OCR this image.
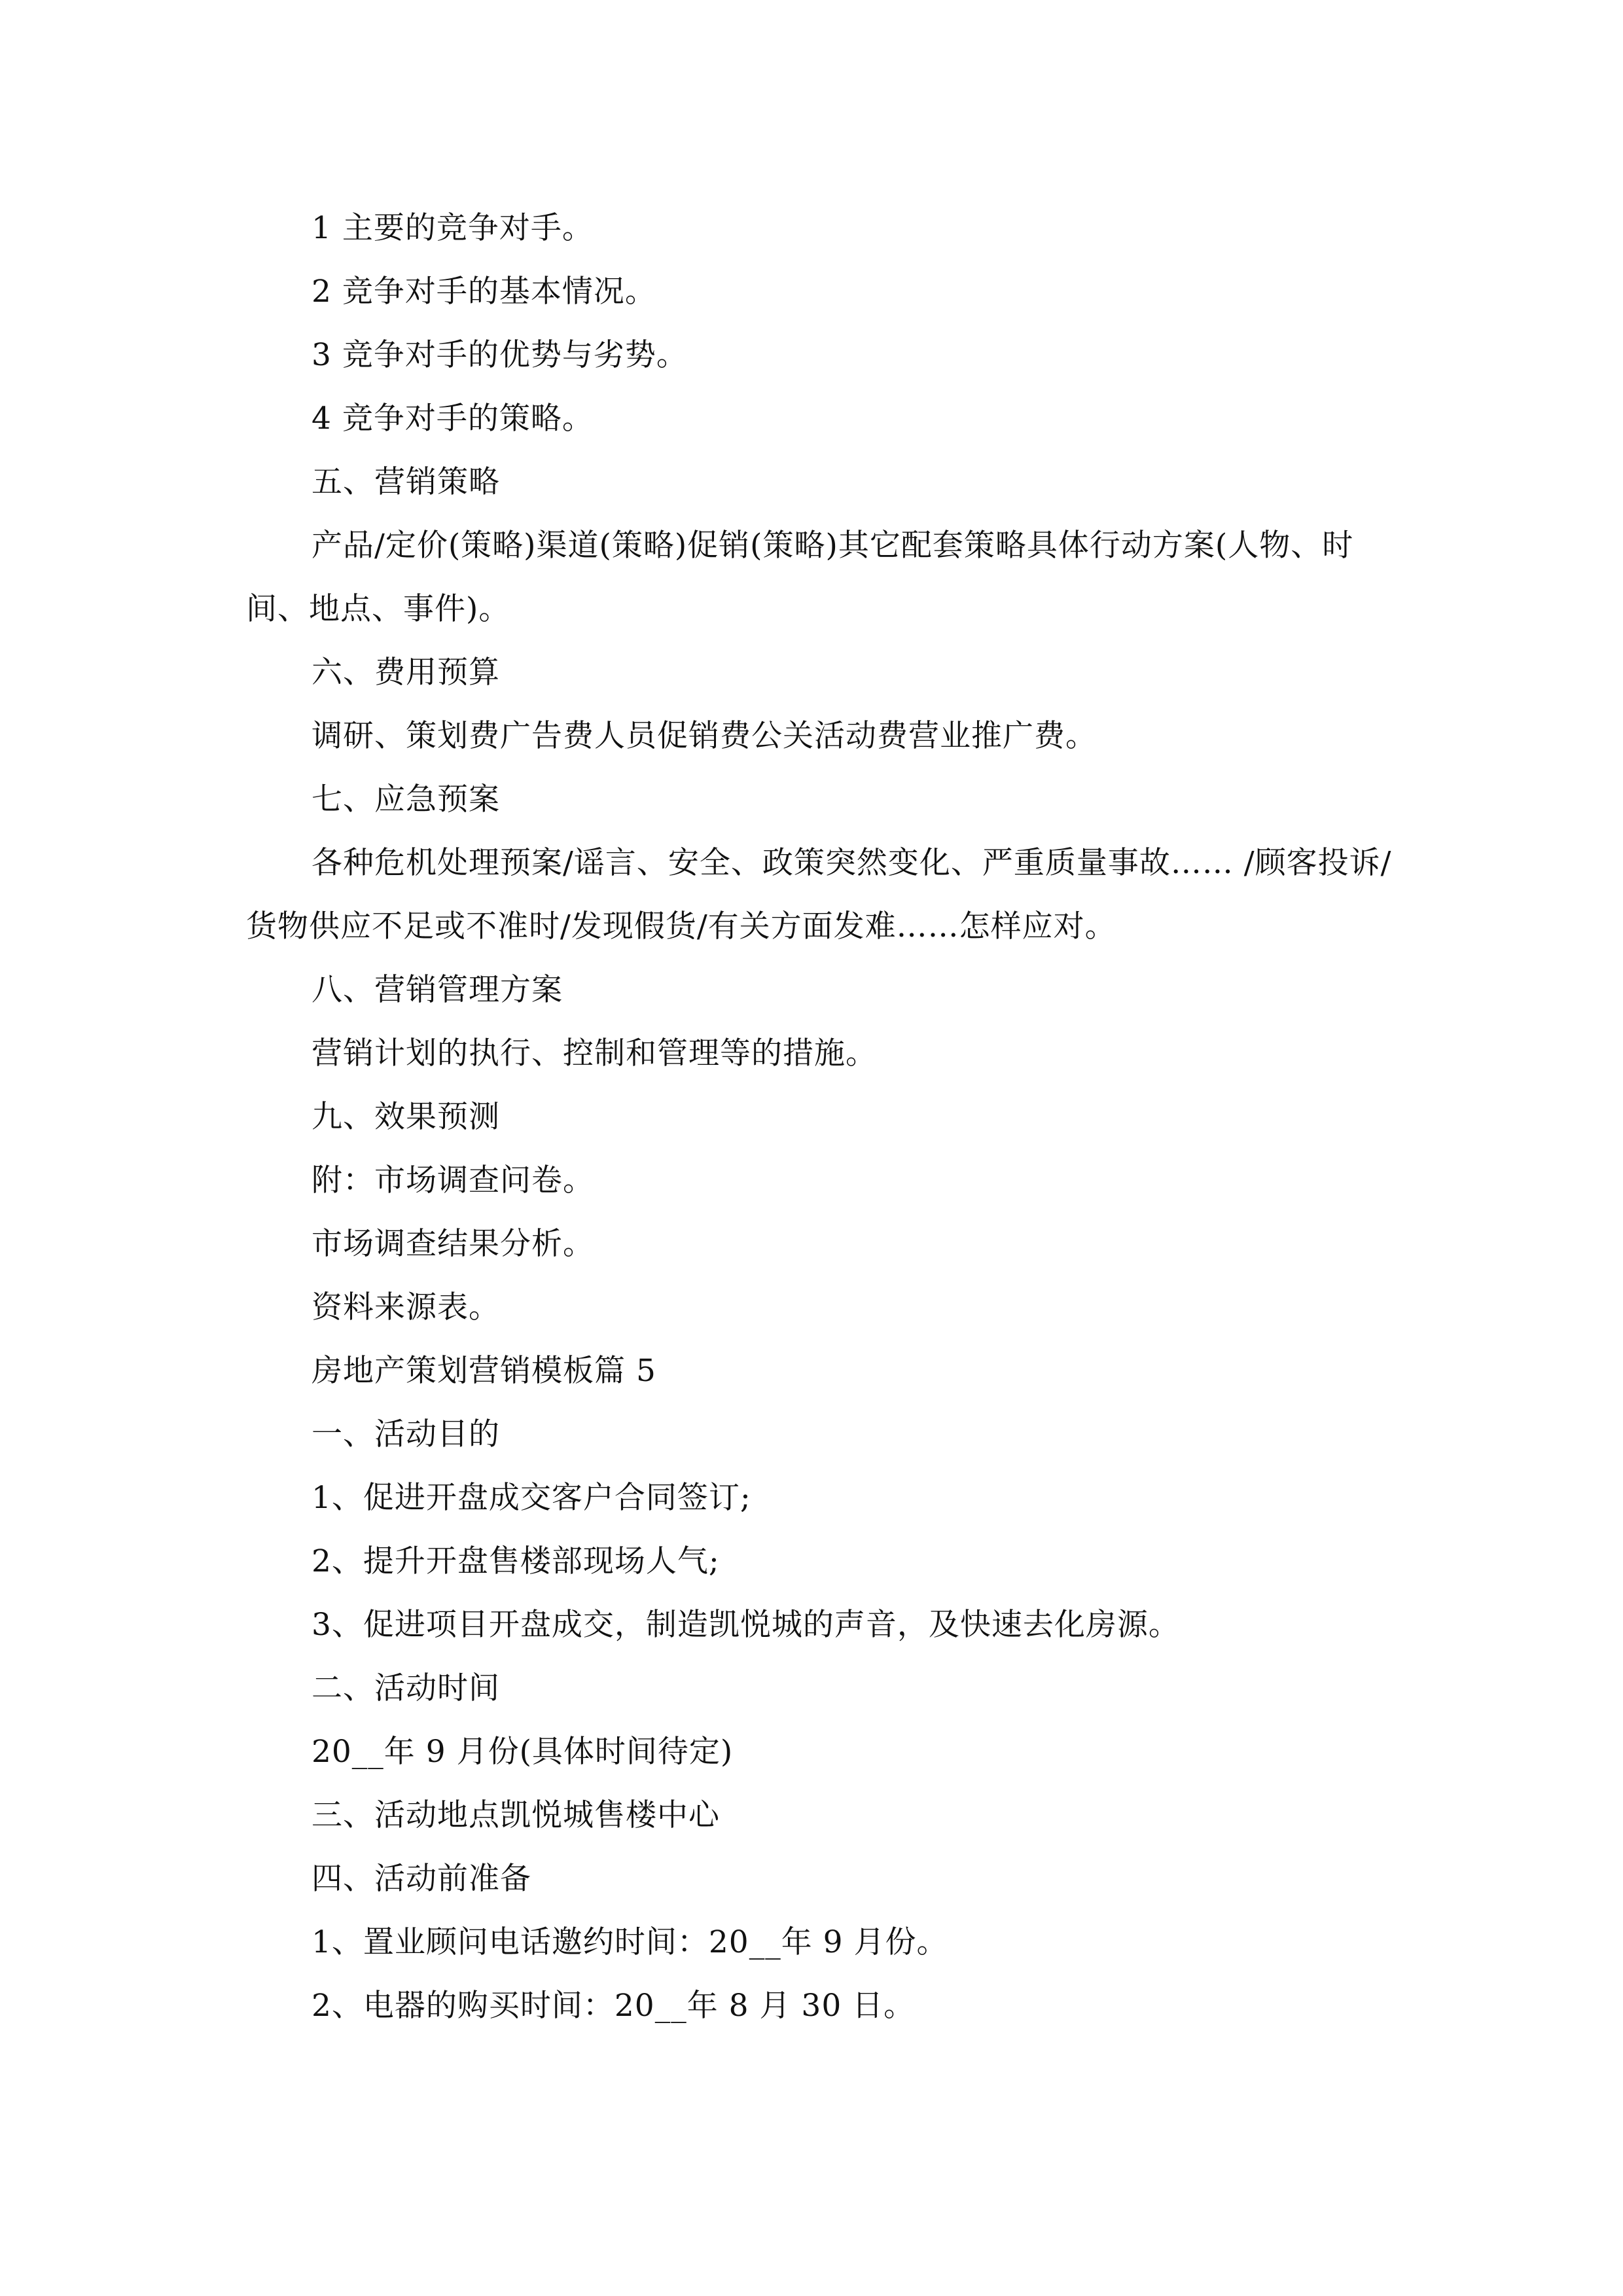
1 主要的竞争对手。

2 竞争对手的基本情况。

3 竞争对手的优势与劣势。

4 竞争对手的策略。

五、营销策略

产品/定价(策略)渠道(策略)促销(策略)其它配套策略具体行动方案(人物、时间、地点、事件)。

六、费用预算

调研、策划费广告费人员促销费公关活动费营业推广费。

七、应急预案

各种危机处理预案/谣言、安全、政策突然变化、严重质量事故…… /顾客投诉/货物供应不足或不准时/发现假货/有关方面发难……怎样应对。

八、营销管理方案

营销计划的执行、控制和管理等的措施。

九、效果预测

附：市场调查问卷。

市场调查结果分析。

资料来源表。

房地产策划营销模板篇 5

一、活动目的

1、促进开盘成交客户合同签订;

2、提升开盘售楼部现场人气;

3、促进项目开盘成交，制造凯悦城的声音，及快速去化房源。

二、活动时间

20__年 9 月份(具体时间待定)

三、活动地点凯悦城售楼中心

四、活动前准备

1、置业顾问电话邀约时间：20__年 9 月份。

2、电器的购买时间：20__年 8 月 30 日。
